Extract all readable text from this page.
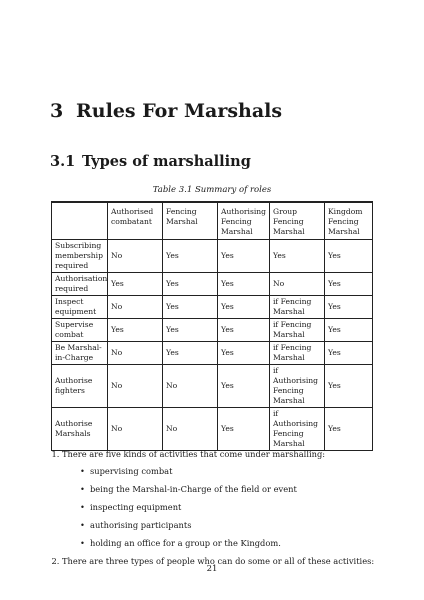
3 Rules For Marshals
3.1 Types of marshalling
Table 3.1 Summary of roles
	Authorised combatant	Fencing Marshal	Authorising Fencing Marshal	Group Fencing Marshal	Kingdom Fencing Marshal
Subscribing membership required	No	Yes	Yes	Yes	Yes
Authorisation required	Yes	Yes	Yes	No	Yes
Inspect equipment	No	Yes	Yes	if Fencing Marshal	Yes
Supervise combat	Yes	Yes	Yes	if Fencing Marshal	Yes
Be Marshal-in-Charge	No	Yes	Yes	if Fencing Marshal	Yes
Authorise fighters	No	No	Yes	if Authorising Fencing Marshal	Yes
Authorise Marshals	No	No	Yes	if Authorising Fencing Marshal	Yes
1. There are five kinds of activities that come under marshalling:
• supervising combat
• being the Marshal-in-Charge of the field or event
• inspecting equipment
• authorising participants
• holding an office for a group or the Kingdom.
2. There are three types of people who can do some or all of these activities:
21
